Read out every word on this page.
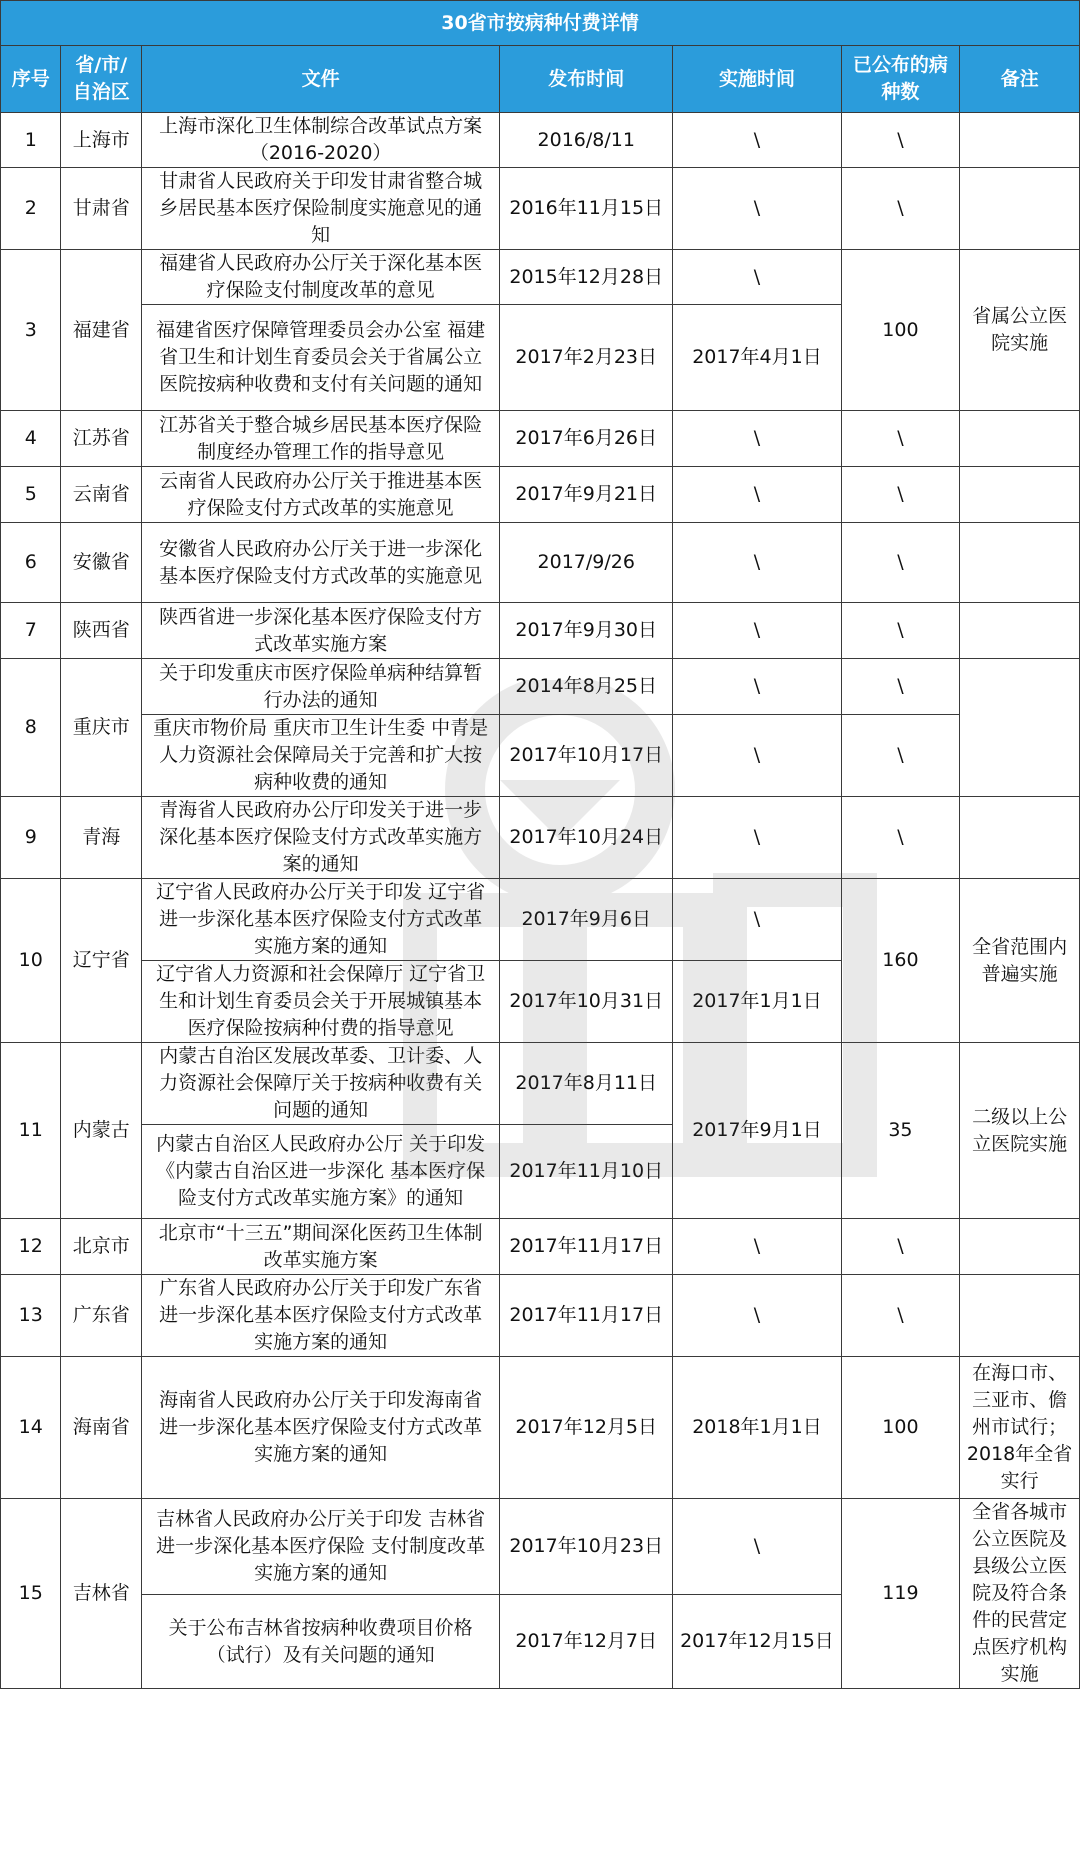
30省市按病种付费详情						
序号	省/市/自治区	文件	发布时间	实施时间	已公布的病种数	备注
1	上海市	上海市深化卫生体制综合改革试点方案（2016-2020）	2016/8/11	\	\	
2	甘肃省	甘肃省人民政府关于印发甘肃省整合城乡居民基本医疗保险制度实施意见的通知	2016年11月15日	\	\	
3	福建省	福建省人民政府办公厅关于深化基本医疗保险支付制度改革的意见	2015年12月28日	\	100	省属公立医院实施
		福建省医疗保障管理委员会办公室 福建省卫生和计划生育委员会关于省属公立医院按病种收费和支付有关问题的通知	2017年2月23日	2017年4月1日		
4	江苏省	江苏省关于整合城乡居民基本医疗保险制度经办管理工作的指导意见	2017年6月26日	\	\	
5	云南省	云南省人民政府办公厅关于推进基本医疗保险支付方式改革的实施意见	2017年9月21日	\	\	
6	安徽省	安徽省人民政府办公厅关于进一步深化基本医疗保险支付方式改革的实施意见	2017/9/26	\	\	
7	陕西省	陕西省进一步深化基本医疗保险支付方式改革实施方案	2017年9月30日	\	\	
8	重庆市	关于印发重庆市医疗保险单病种结算暂行办法的通知	2014年8月25日	\	\	
		重庆市物价局 重庆市卫生计生委 中青是人力资源社会保障局关于完善和扩大按病种收费的通知	2017年10月17日	\	\	
9	青海	青海省人民政府办公厅印发关于进一步深化基本医疗保险支付方式改革实施方案的通知	2017年10月24日	\	\	
10	辽宁省	辽宁省人民政府办公厅关于印发 辽宁省进一步深化基本医疗保险支付方式改革实施方案的通知	2017年9月6日	\	160	全省范围内普遍实施
		辽宁省人力资源和社会保障厅 辽宁省卫生和计划生育委员会关于开展城镇基本医疗保险按病种付费的指导意见	2017年10月31日	2017年1月1日		
11	内蒙古	内蒙古自治区发展改革委、卫计委、人力资源社会保障厅关于按病种收费有关问题的通知	2017年8月11日	2017年9月1日	35	二级以上公立医院实施
		内蒙古自治区人民政府办公厅 关于印发《内蒙古自治区进一步深化 基本医疗保险支付方式改革实施方案》的通知	2017年11月10日			
12	北京市	北京市“十三五”期间深化医药卫生体制改革实施方案	2017年11月17日	\	\	
13	广东省	广东省人民政府办公厅关于印发广东省进一步深化基本医疗保险支付方式改革实施方案的通知	2017年11月17日	\	\	
14	海南省	海南省人民政府办公厅关于印发海南省进一步深化基本医疗保险支付方式改革实施方案的通知	2017年12月5日	2018年1月1日	100	在海口市、三亚市、儋州市试行；2018年全省实行
15	吉林省	吉林省人民政府办公厅关于印发 吉林省进一步深化基本医疗保险 支付制度改革实施方案的通知	2017年10月23日	\	119	全省各城市公立医院及县级公立医院及符合条件的民营定点医疗机构实施
		关于公布吉林省按病种收费项目价格（试行）及有关问题的通知	2017年12月7日	2017年12月15日		
